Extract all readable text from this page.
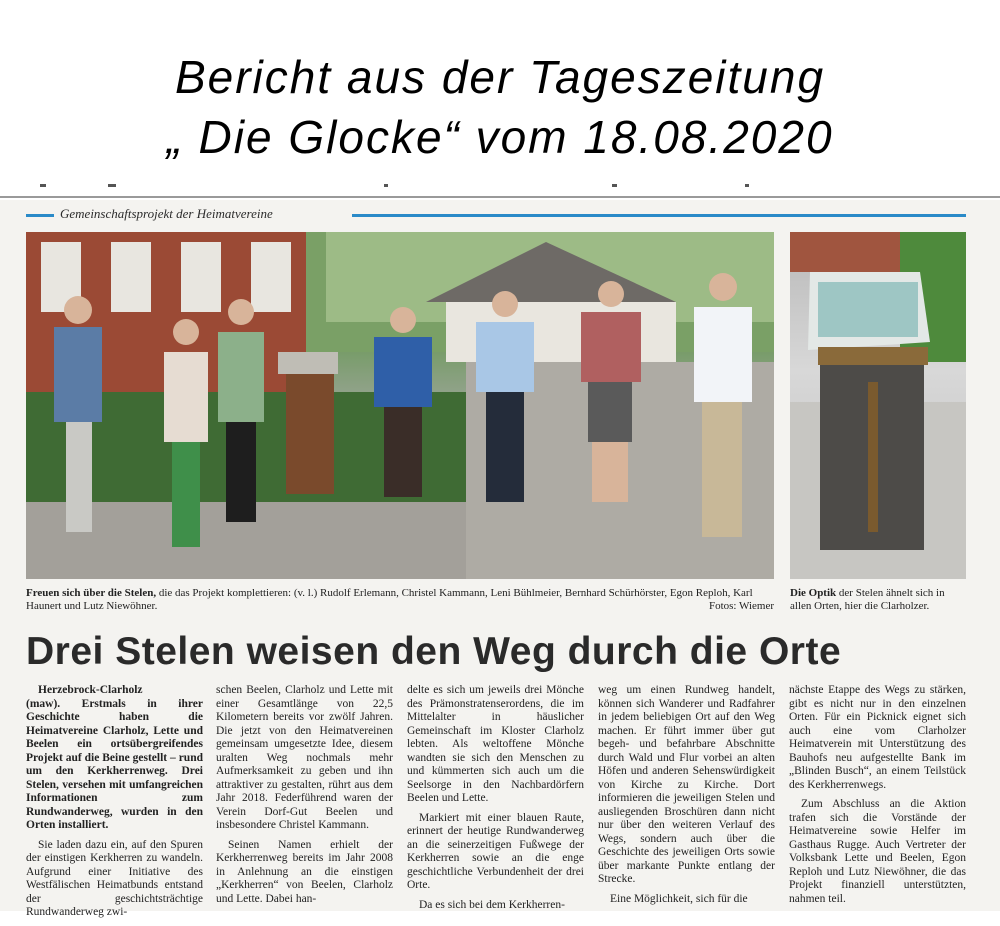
Bericht aus der Tageszeitung
„ Die Glocke“ vom 18.08.2020
Gemeinschaftsprojekt der Heimatvereine
Freuen sich über die Stelen, die das Projekt komplettieren: (v. l.) Rudolf Erlemann, Christel Kammann, Leni Bühlmeier, Bernhard Schürhörster, Egon Reploh, Karl Haunert und Lutz Niewöhner.	Fotos: Wiemer
Die Optik der Stelen ähnelt sich in allen Orten, hier die Clarholzer.
Drei Stelen weisen den Weg durch die Orte

Herzebrock-Clarholz

(maw). Erstmals in ihrer Geschichte haben die Heimatvereine Clarholz, Lette und Beelen ein ortsübergreifendes Projekt auf die Beine gestellt – rund um den Kerkherrenweg. Drei Stelen, versehen mit umfangreichen Informationen zum Rundwanderweg, wurden in den Orten installiert.

Sie laden dazu ein, auf den Spuren der einstigen Kerkherren zu wandeln. Aufgrund einer Initiative des Westfälischen Heimatbunds entstand der geschichtsträchtige Rundwanderweg zwi-

schen Beelen, Clarholz und Lette mit einer Gesamtlänge von 22,5 Kilometern bereits vor zwölf Jahren. Die jetzt von den Heimatvereinen gemeinsam umgesetzte Idee, diesem uralten Weg nochmals mehr Aufmerksamkeit zu geben und ihn attraktiver zu gestalten, rührt aus dem Jahr 2018. Federführend waren der Verein Dorf-Gut Beelen und insbesondere Christel Kammann.

Seinen Namen erhielt der Kerkherrenweg bereits im Jahr 2008 in Anlehnung an die einstigen „Kerkherren“ von Beelen, Clarholz und Lette. Dabei han-

delte es sich um jeweils drei Mönche des Prämonstratenserordens, die im Mittelalter in häuslicher Gemeinschaft im Kloster Clarholz lebten. Als weltoffene Mönche wandten sie sich den Menschen zu und kümmerten sich auch um die Seelsorge in den Nachbardörfern Beelen und Lette.

Markiert mit einer blauen Raute, erinnert der heutige Rundwanderweg an die seinerzeitigen Fußwege der Kerkherren sowie an die enge geschichtliche Verbundenheit der drei Orte.

Da es sich bei dem Kerkherren-

weg um einen Rundweg handelt, können sich Wanderer und Radfahrer in jedem beliebigen Ort auf den Weg machen. Er führt immer über gut begeh- und befahrbare Abschnitte durch Wald und Flur vorbei an alten Höfen und anderen Sehenswürdigkeit von Kirche zu Kirche. Dort informieren die jeweiligen Stelen und ausliegenden Broschüren dann nicht nur über den weiteren Verlauf des Wegs, sondern auch über die Geschichte des jeweiligen Orts sowie über markante Punkte entlang der Strecke.

Eine Möglichkeit, sich für die

nächste Etappe des Wegs zu stärken, gibt es nicht nur in den einzelnen Orten. Für ein Picknick eignet sich auch eine vom Clarholzer Heimatverein mit Unterstützung des Bauhofs neu aufgestellte Bank im „Blinden Busch“, an einem Teilstück des Kerkherrenwegs.

Zum Abschluss an die Aktion trafen sich die Vorstände der Heimatvereine sowie Helfer im Gasthaus Rugge. Auch Vertreter der Volksbank Lette und Beelen, Egon Reploh und Lutz Niewöhner, die das Projekt finanziell unterstützten, nahmen teil.
